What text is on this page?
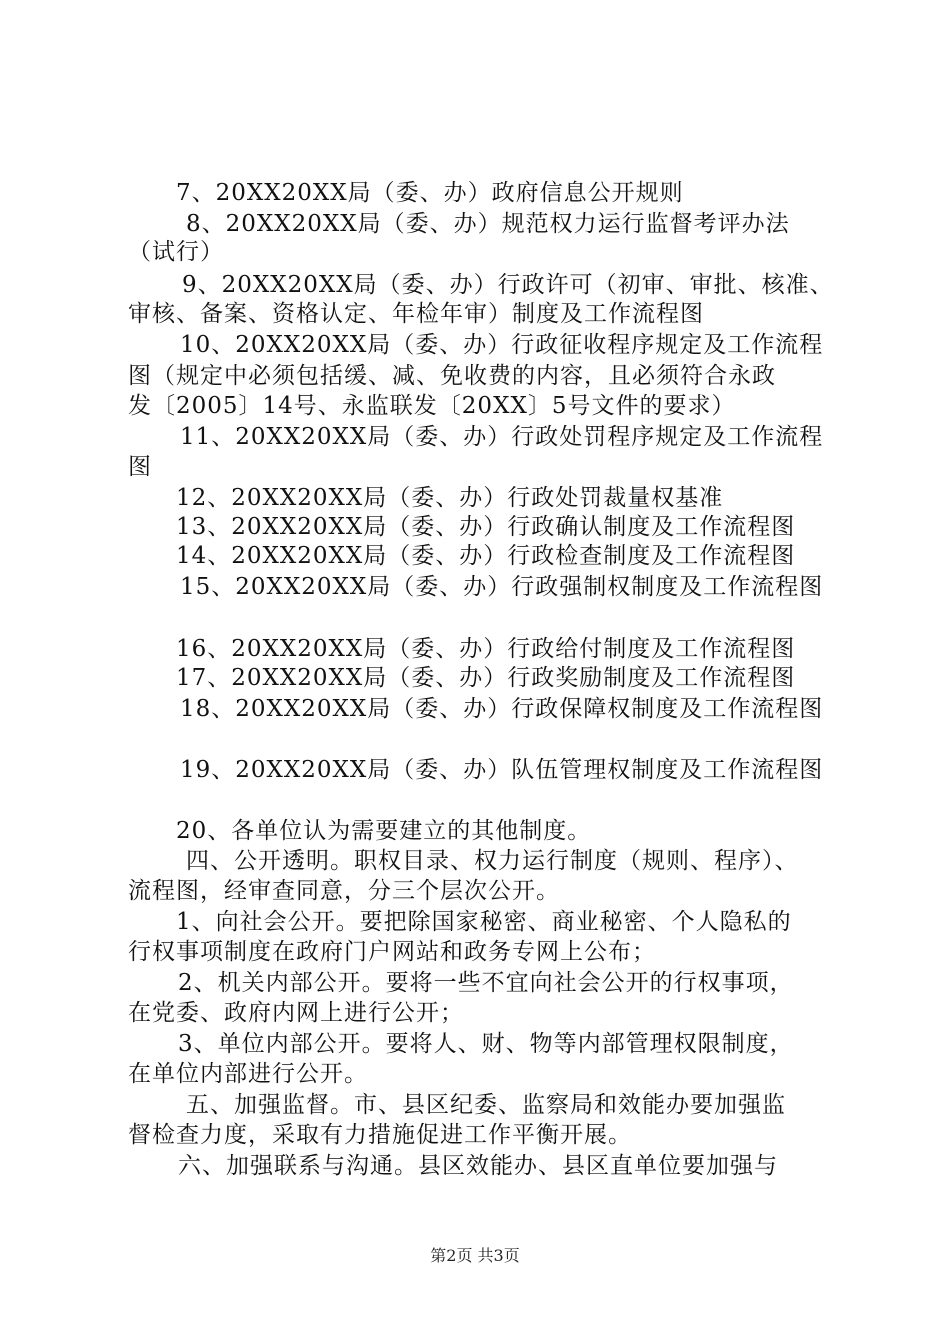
7、20XX20XX局（委、办）政府信息公开规则
8、20XX20XX局（委、办）规范权力运行监督考评办法
（试行）
9、20XX20XX局（委、办）行政许可（初审、审批、核准、
审核、备案、资格认定、年检年审）制度及工作流程图
10、20XX20XX局（委、办）行政征收程序规定及工作流程
图（规定中必须包括缓、减、免收费的内容，且必须符合永政
发〔2005〕14号、永监联发〔20XX〕5号文件的要求）
11、20XX20XX局（委、办）行政处罚程序规定及工作流程
图
12、20XX20XX局（委、办）行政处罚裁量权基准
13、20XX20XX局（委、办）行政确认制度及工作流程图
14、20XX20XX局（委、办）行政检查制度及工作流程图
15、20XX20XX局（委、办）行政强制权制度及工作流程图
16、20XX20XX局（委、办）行政给付制度及工作流程图
17、20XX20XX局（委、办）行政奖励制度及工作流程图
18、20XX20XX局（委、办）行政保障权制度及工作流程图
19、20XX20XX局（委、办）队伍管理权制度及工作流程图
20、各单位认为需要建立的其他制度。
四、公开透明。职权目录、权力运行制度（规则、程序）、
流程图，经审查同意，分三个层次公开。
1、向社会公开。要把除国家秘密、商业秘密、个人隐私的
行权事项制度在政府门户网站和政务专网上公布；
2、机关内部公开。要将一些不宜向社会公开的行权事项，
在党委、政府内网上进行公开；
3、单位内部公开。要将人、财、物等内部管理权限制度，
在单位内部进行公开。
五、加强监督。市、县区纪委、监察局和效能办要加强监
督检查力度，采取有力措施促进工作平衡开展。
六、加强联系与沟通。县区效能办、县区直单位要加强与
第2页 共3页
